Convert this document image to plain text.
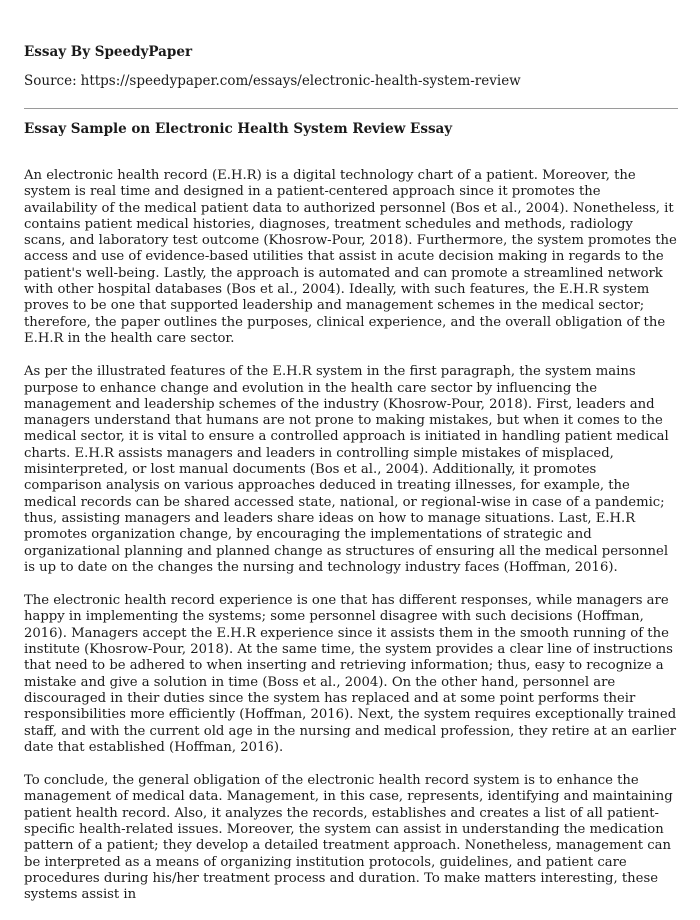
Essay By SpeedyPaper
Source: https://speedypaper.com/essays/electronic-health-system-review
Essay Sample on Electronic Health System Review Essay

An electronic health record (E.H.R) is a digital technology chart of a patient. Moreover, the system is real time and designed in a patient-centered approach since it promotes the availability of the medical patient data to authorized personnel (Bos et al., 2004). Nonetheless, it contains patient medical histories, diagnoses, treatment schedules and methods, radiology scans, and laboratory test outcome (Khosrow-Pour, 2018). Furthermore, the system promotes the access and use of evidence-based utilities that assist in acute decision making in regards to the patient's well-being. Lastly, the approach is automated and can promote a streamlined network with other hospital databases (Bos et al., 2004). Ideally, with such features, the E.H.R system proves to be one that supported leadership and management schemes in the medical sector; therefore, the paper outlines the purposes, clinical experience, and the overall obligation of the E.H.R in the health care sector.

As per the illustrated features of the E.H.R system in the first paragraph, the system mains purpose to enhance change and evolution in the health care sector by influencing the management and leadership schemes of the industry (Khosrow-Pour, 2018). First, leaders and managers understand that humans are not prone to making mistakes, but when it comes to the medical sector, it is vital to ensure a controlled approach is initiated in handling patient medical charts. E.H.R assists managers and leaders in controlling simple mistakes of misplaced, misinterpreted, or lost manual documents (Bos et al., 2004). Additionally, it promotes comparison analysis on various approaches deduced in treating illnesses, for example, the medical records can be shared accessed state, national, or regional-wise in case of a pandemic; thus, assisting managers and leaders share ideas on how to manage situations. Last, E.H.R promotes organization change, by encouraging the implementations of strategic and organizational planning and planned change as structures of ensuring all the medical personnel is up to date on the changes the nursing and technology industry faces (Hoffman, 2016).

The electronic health record experience is one that has different responses, while managers are happy in implementing the systems; some personnel disagree with such decisions (Hoffman, 2016). Managers accept the E.H.R experience since it assists them in the smooth running of the institute (Khosrow-Pour, 2018). At the same time, the system provides a clear line of instructions that need to be adhered to when inserting and retrieving information; thus, easy to recognize a mistake and give a solution in time (Boss et al., 2004). On the other hand, personnel are discouraged in their duties since the system has replaced and at some point performs their responsibilities more efficiently (Hoffman, 2016). Next, the system requires exceptionally trained staff, and with the current old age in the nursing and medical profession, they retire at an earlier date that established (Hoffman, 2016).

To conclude, the general obligation of the electronic health record system is to enhance the management of medical data. Management, in this case, represents, identifying and maintaining patient health record. Also, it analyzes the records, establishes and creates a list of all patient-specific health-related issues. Moreover, the system can assist in understanding the medication pattern of a patient; they develop a detailed treatment approach. Nonetheless, management can be interpreted as a means of organizing institution protocols, guidelines, and patient care procedures during his/her treatment process and duration. To make matters interesting, these systems assist in
